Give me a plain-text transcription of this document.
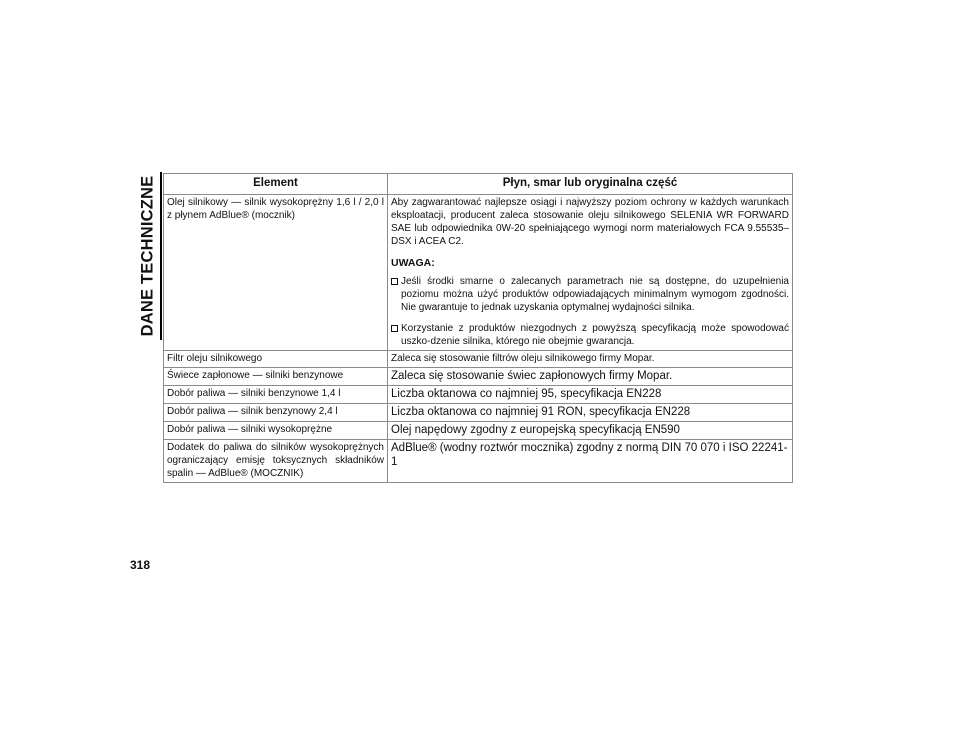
DANE TECHNICZNE	Element	Płyn, smar lub oryginalna część
Olej silnikowy — silnik wysokoprężny 1,6 l / 2,0 l z płynem AdBlue® (mocznik)	Aby zagwarantować najlepsze osiągi i najwyższy poziom ochrony w każdych warunkach eksploatacji, producent zaleca stosowanie oleju silnikowego SELENIA WR FORWARD SAE lub odpowiednika 0W-20 spełniającego wymogi norm materiałowych FCA 9.55535–DSX i ACEA C2.
UWAGA:
Jeśli środki smarne o zalecanych parametrach nie są dostępne, do uzupełnienia poziomu można użyć produktów odpowiadających minimalnym wymogom zgodności. Nie gwarantuje to jednak uzyskania optymalnej wydajności silnika.
Korzystanie z produktów niezgodnych z powyższą specyfikacją może spowodować uszko-dzenie silnika, którego nie obejmie gwarancja.

Filtr oleju silnikowego	Zaleca się stosowanie filtrów oleju silnikowego firmy Mopar.
Świece zapłonowe — silniki benzynowe	Zaleca się stosowanie świec zapłonowych firmy Mopar.
Dobór paliwa — silniki benzynowe 1,4 l	Liczba oktanowa co najmniej 95, specyfikacja EN228
Dobór paliwa — silnik benzynowy 2,4 l	Liczba oktanowa co najmniej 91 RON, specyfikacja EN228
Dobór paliwa — silniki wysokoprężne	Olej napędowy zgodny z europejską specyfikacją EN590
Dodatek do paliwa do silników wysokoprężnych ograniczający emisję toksycznych składników spalin — AdBlue® (MOCZNIK)	AdBlue® (wodny roztwór mocznika) zgodny z normą DIN 70 070 i ISO 22241-1
318
